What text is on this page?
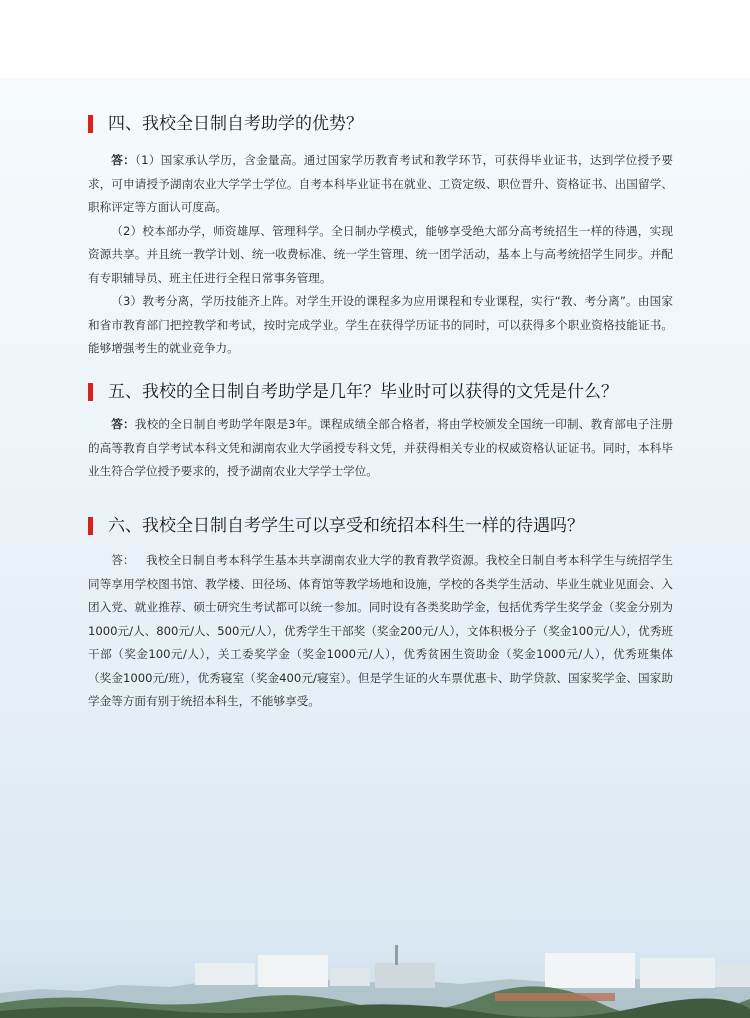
四、我校全日制自考助学的优势？

答：（1）国家承认学历，含金量高。通过国家学历教育考试和教学环节，可获得毕业证书，达到学位授予要求，可申请授予湖南农业大学学士学位。自考本科毕业证书在就业、工资定级、职位晋升、资格证书、出国留学、职称评定等方面认可度高。

（2）校本部办学，师资雄厚、管理科学。全日制办学模式，能够享受绝大部分高考统招生一样的待遇，实现资源共享。并且统一教学计划、统一收费标准、统一学生管理、统一团学活动，基本上与高考统招学生同步。并配有专职辅导员、班主任进行全程日常事务管理。

（3）教考分离，学历技能齐上阵。对学生开设的课程多为应用课程和专业课程，实行“教、考分离”。由国家和省市教育部门把控教学和考试，按时完成学业。学生在获得学历证书的同时，可以获得多个职业资格技能证书。能够增强考生的就业竞争力。

五、我校的全日制自考助学是几年？毕业时可以获得的文凭是什么？

答：我校的全日制自考助学年限是3年。课程成绩全部合格者，将由学校颁发全国统一印制、教育部电子注册的高等教育自学考试本科文凭和湖南农业大学函授专科文凭，并获得相关专业的权威资格认证证书。同时，本科毕业生符合学位授予要求的，授予湖南农业大学学士学位。

六、我校全日制自考学生可以享受和统招本科生一样的待遇吗？

答：   我校全日制自考本科学生基本共享湖南农业大学的教育教学资源。我校全日制自考本科学生与统招学生同等享用学校图书馆、教学楼、田径场、体育馆等教学场地和设施，学校的各类学生活动、毕业生就业见面会、入团入党、就业推荐、硕士研究生考试都可以统一参加。同时设有各类奖助学金，包括优秀学生奖学金（奖金分别为1000元/人、800元/人、500元/人），优秀学生干部奖（奖金200元/人），文体积极分子（奖金100元/人），优秀班干部（奖金100元/人），关工委奖学金（奖金1000元/人），优秀贫困生资助金（奖金1000元/人），优秀班集体（奖金1000元/班），优秀寝室（奖金400元/寝室）。但是学生证的火车票优惠卡、助学贷款、国家奖学金、国家助学金等方面有别于统招本科生，不能够享受。
